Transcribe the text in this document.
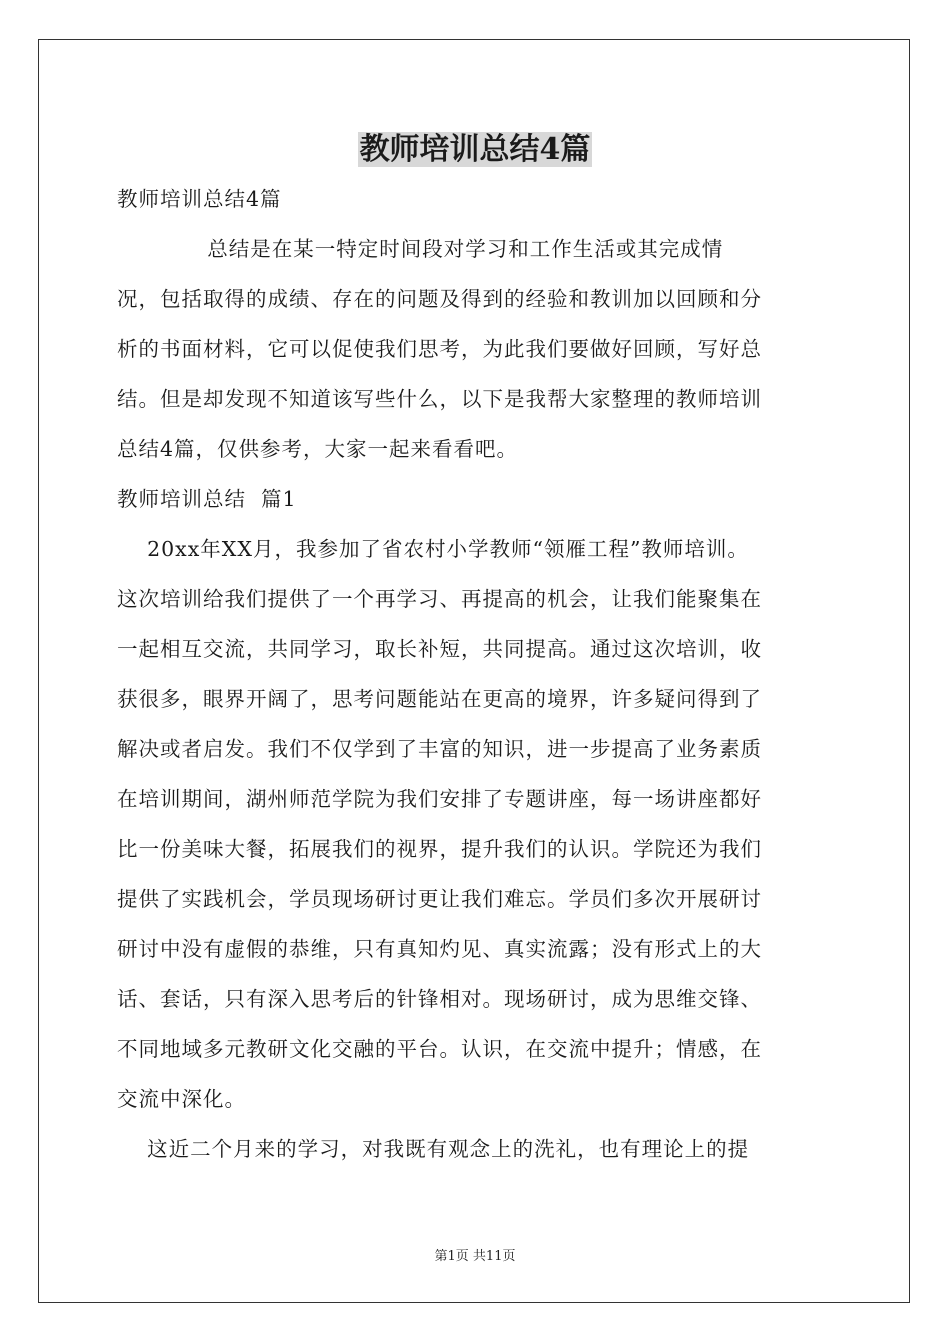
教师培训总结4篇

教师培训总结4篇

总结是在某一特定时间段对学习和工作生活或其完成情

况，包括取得的成绩、存在的问题及得到的经验和教训加以回顾和分

析的书面材料，它可以促使我们思考，为此我们要做好回顾，写好总

结。但是却发现不知道该写些什么，以下是我帮大家整理的教师培训

总结4篇，仅供参考，大家一起来看看吧。

教师培训总结  篇1

20xx年XX月，我参加了省农村小学教师“领雁工程”教师培训。

这次培训给我们提供了一个再学习、再提高的机会，让我们能聚集在

一起相互交流，共同学习，取长补短，共同提高。通过这次培训，收

获很多，眼界开阔了，思考问题能站在更高的境界，许多疑问得到了

解决或者启发。我们不仅学到了丰富的知识，进一步提高了业务素质

在培训期间，湖州师范学院为我们安排了专题讲座，每一场讲座都好

比一份美味大餐，拓展我们的视界，提升我们的认识。学院还为我们

提供了实践机会，学员现场研讨更让我们难忘。学员们多次开展研讨

研讨中没有虚假的恭维，只有真知灼见、真实流露；没有形式上的大

话、套话，只有深入思考后的针锋相对。现场研讨，成为思维交锋、

不同地域多元教研文化交融的平台。认识，在交流中提升；情感，在

交流中深化。

这近二个月来的学习，对我既有观念上的洗礼，也有理论上的提

第1页 共11页
